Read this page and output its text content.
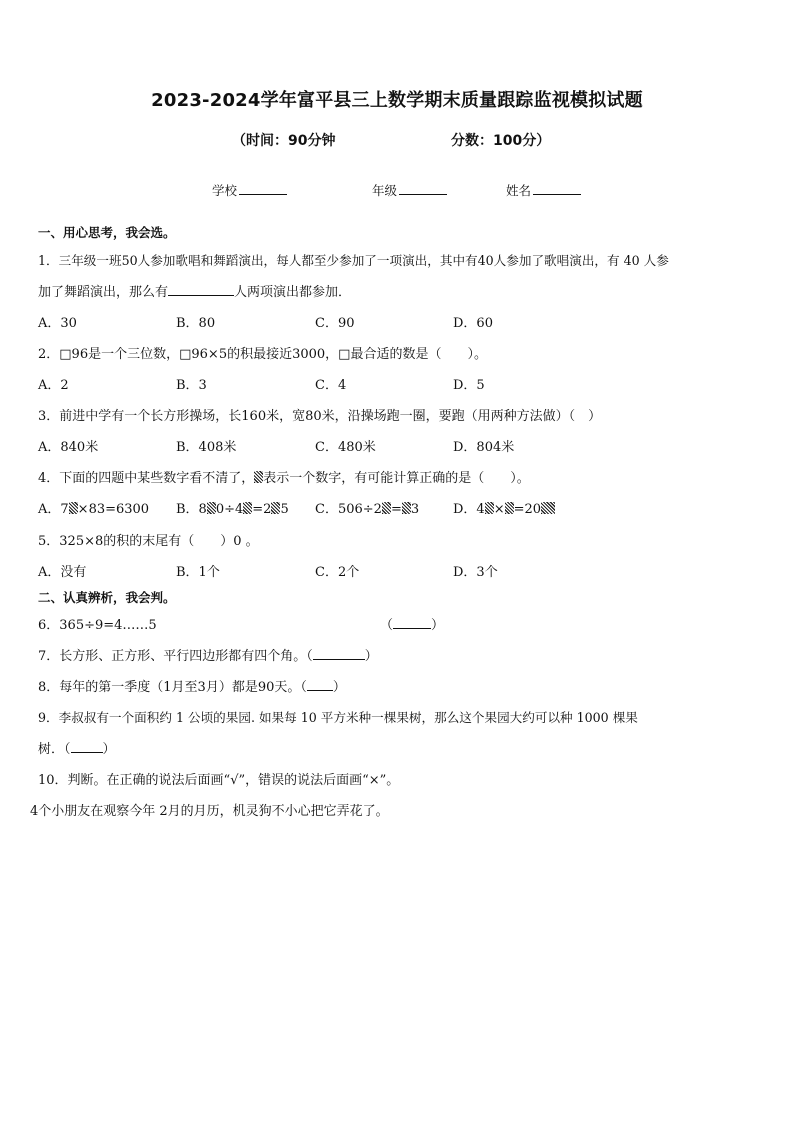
2023-2024学年富平县三上数学期末质量跟踪监视模拟试题
（时间：90分钟	分数：100分）
学校	年级	姓名
一、用心思考，我会选。
1．三年级一班50人参加歌唱和舞蹈演出，每人都至少参加了一项演出，其中有40人参加了歌唱演出，有 40 人参
加了舞蹈演出，那么有	人两项演出都参加．
A．30	B．80	C．90	D．60
2．□96是一个三位数，□96×5的积最接近3000，□最合适的数是（　　）。
A．2	B．3	C．4	D．5
3．前进中学有一个长方形操场，长160米，宽80米，沿操场跑一圈，要跑（用两种方法做）（　）
A．840米	B．408米	C．480米	D．804米
4．下面的四题中某些数字看不清了， 表示一个数字，有可能计算正确的是（　　）。
A．7 ×83=6300 B．8 0÷4 =2 5 C．506÷2 = 3	D．4 × =20
5．325×8的积的末尾有（　　）0 。
A．没有	B．1个	C．2个	D．3个
二、认真辨析，我会判。
6．365÷9=4……5	（	）
7．长方形、正方形、平行四边形都有四个角。（	）
8．每年的第一季度（1月至3月）都是90天。（ ）
9．李叔叔有一个面积约 1 公顷的果园. 如果每 10 平方米种一棵果树，那么这个果园大约可以种 1000 棵果
树．（ ）
10．判断。在正确的说法后面画“√”，错误的说法后面画“×”。
4个小朋友在观察今年 2月的月历，机灵狗不小心把它弄花了。
